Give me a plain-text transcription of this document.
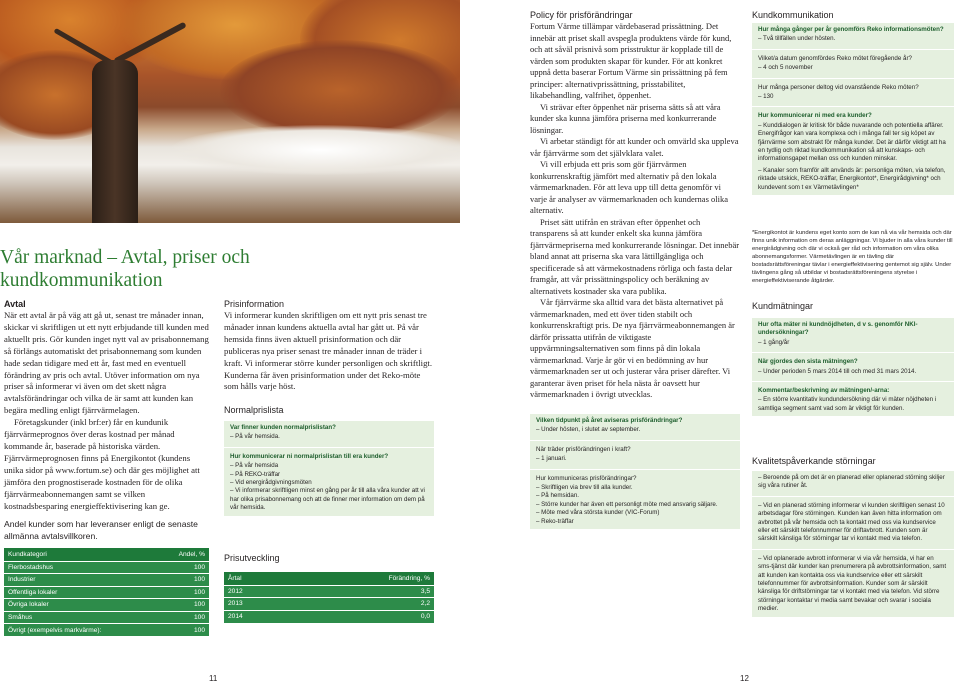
Vår marknad – Avtal, priser och kundkommunikation
Avtal

När ett avtal är på väg att gå ut, senast tre månader innan, skickar vi skriftligen ut ett nytt erbjudande till kunden med aktuellt pris. Gör kunden inget nytt val av prisabonnemang så förlängs automatiskt det prisabonnemang som kunden hade sedan tidigare med ett år, fast med en eventuell förändring av pris och avtal. Utöver information om nya priser så informerar vi även om det skett några avtalsförändringar och vilka de är samt att kunden kan begära medling enligt fjärrvärmelagen.

Företagskunder (inkl brf:er) får en kundunik fjärrvärmeprognos över deras kostnad per månad kommande år, baserade på historiska värden. Fjärrvärmeprognosen finns på Energikontot (kundens unika sidor på www.fortum.se) och där ges möjlighet att jämföra den prognostiserade kostnaden för de olika fjärrvärmeabonnemangen samt se vilken kostnadsbesparing energieffektivisering kan ge.

Andel kunder som har leveranser enligt de senaste allmänna avtalsvillkoren.
Kundkategori	Andel, %
Flerbostadshus	100
Industrier	100
Offentliga lokaler	100
Övriga lokaler	100
Småhus	100
Övrigt (exempelvis markvärme):	100
Prisinformation
Vi informerar kunden skriftligen om ett nytt pris senast tre månader innan kundens aktuella avtal har gått ut. På vår hemsida finns även aktuell prisinformation och där publiceras nya priser senast tre månader innan de träder i kraft. Vi informerar större kunder personligen och skriftligt. Kunderna får även prisinformation under det Reko-möte som hålls varje höst.
Normalprislista
Var finner kunden normalprislistan?
– På vår hemsida.
Hur kommunicerar ni normalprislistan till era kunder?
– På vår hemsida
– På REKO-träffar
– Vid energirådgivningsmöten
– Vi informerar skriftligen minst en gång per år till alla våra kunder att vi har olika prisabonnemang och att de finner mer information om dem på vår hemsida.
Prisutveckling
Årtal	Förändring, %
2012	3,5
2013	2,2
2014	0,0
11
Policy för prisförändringar

Fortum Värme tillämpar värdebaserad prissättning. Det innebär att priset skall avspegla produktens värde för kund, och att såväl prisnivå som prisstruktur är kopplade till de värden som produkten skapar för kunder. För att konkret uppnå detta baserar Fortum Värme sin prissättning på fem principer: alternativprissättning, prisstabilitet, likabehandling, valfrihet, öppenhet.

Vi strävar efter öppenhet när priserna sätts så att våra kunder ska kunna jämföra priserna med konkurrerande lösningar.

Vi arbetar ständigt för att kunder och omvärld ska uppleva vår fjärrvärme som det självklara valet.

Vi vill erbjuda ett pris som gör fjärrvärmen konkurrenskraftig jämfört med alternativ på den lokala värmemarknaden. För att leva upp till detta genomför vi varje år analyser av värmemarknaden och kundernas olika alternativ.

Priset sätt utifrån en strävan efter öppenhet och transparens så att kunder enkelt ska kunna jämföra fjärrvärmepriserna med konkurrerande lösningar. Det innebär bland annat att priserna ska vara lättillgängliga och specificerade så att värmekostnadens rörliga och fasta delar framgår, att vår prissättningspolicy och beräkning av alternativets kostnader ska vara publika.

Vår fjärrvärme ska alltid vara det bästa alternativet på värmemarknaden, med ett över tiden stabilt och konkurrenskraftigt pris. De nya fjärrvärmeabonnemangen är därför prissatta utifrån de viktigaste uppvärmningsalternativen som finns på din lokala värmemarknad. Varje år gör vi en bedömning av hur värmemarknaden ser ut och justerar våra priser därefter. Vi garanterar även priset för hela nästa år oavsett hur värmemarknaden i övrigt utvecklas.

Vilken tidpunkt på året aviseras prisförändringar?
– Under hösten, i slutet av september.
När träder prisförändringen i kraft?
– 1 januari.
Hur kommuniceras prisförändringar?
– Skriftligen via brev till alla kunder.
– På hemsidan.
– Större kunder har även ett personligt möte med ansvarig säljare.
– Möte med våra största kunder (VIC-Forum)
– Reko-träffar
Kundkommunikation
Hur många gånger per år genomförs Reko informationsmöten?
– Två tillfällen under hösten.
Vilket/a datum genomfördes Reko mötet föregående år?
– 4 och 5 november
Hur många personer deltog vid ovanstående Reko möten?
– 130
Hur kommunicerar ni med era kunder?
– Kunddialogen är kritisk för både nuvarande och potentiella affärer. Energifrågor kan vara komplexa och i många fall ter sig köpet av fjärrvärme som abstrakt för många kunder. Det är därför viktigt att ha en tydlig och riktad kundkommunikation så att kunskaps- och informationsgapet mellan oss och kunden minskar.
– Kanaler som framför allt används är: personliga möten, via telefon, riktade utskick, REKO-träffar, Energikontot*, Energirådgivning* och kundevent som t ex Värmetävlingen*
*Energikontot är kundens eget konto som de kan nå via vår hemsida och där finns unik information om deras anläggningar. Vi bjuder in alla våra kunder till energirådgivning och där vi också ger råd och information om våra olika abonnemangsformer. Värmetävlingen är en tävling där bostadsrättsföreningar tävlar i energieffektivisering gentemot sig själv. Under tävlingens gång så utbildar vi bostadsrättsföreningens styrelse i energieffektiviserande åtgärder.
Kundmätningar
Hur ofta mäter ni kundnöjdheten, d v s. genomför NKI-undersökningar?
– 1 gång/år
När gjordes den sista mätningen?
– Under perioden 5 mars 2014 till och med 31 mars 2014.
Kommentar/beskrivning av mätningen/-arna:
– En större kvantitativ kundundersökning där vi mäter nöjdheten i samtliga segment samt vad som är viktigt för kunden.
Kvalitetspåverkande störningar
– Beroende på om det är en planerad eller oplanerad störning skiljer sig våra rutiner åt.
– Vid en planerad störning informerar vi kunden skriftligen senast 10 arbetsdagar före störningen. Kunden kan även hitta information om avbrottet på vår hemsida och ta kontakt med oss via kundservice eller ett särskilt telefonnummer för driftavbrott. Kunden som är särskilt känsliga för störningar tar vi kontakt med via telefon.
– Vid oplanerade avbrott informerar vi via vår hemsida, vi har en sms-tjänst där kunder kan prenumerera på avbrottsinformation, samt att kunden kan kontakta oss via kundservice eller ett särskilt telefonnummer för avbrottsinformation. Kunder som är särskilt känsliga för driftstörningar tar vi kontakt med via telefon. Vid större störningar kontaktar vi media samt bevakar och svarar i sociala medier.
12
